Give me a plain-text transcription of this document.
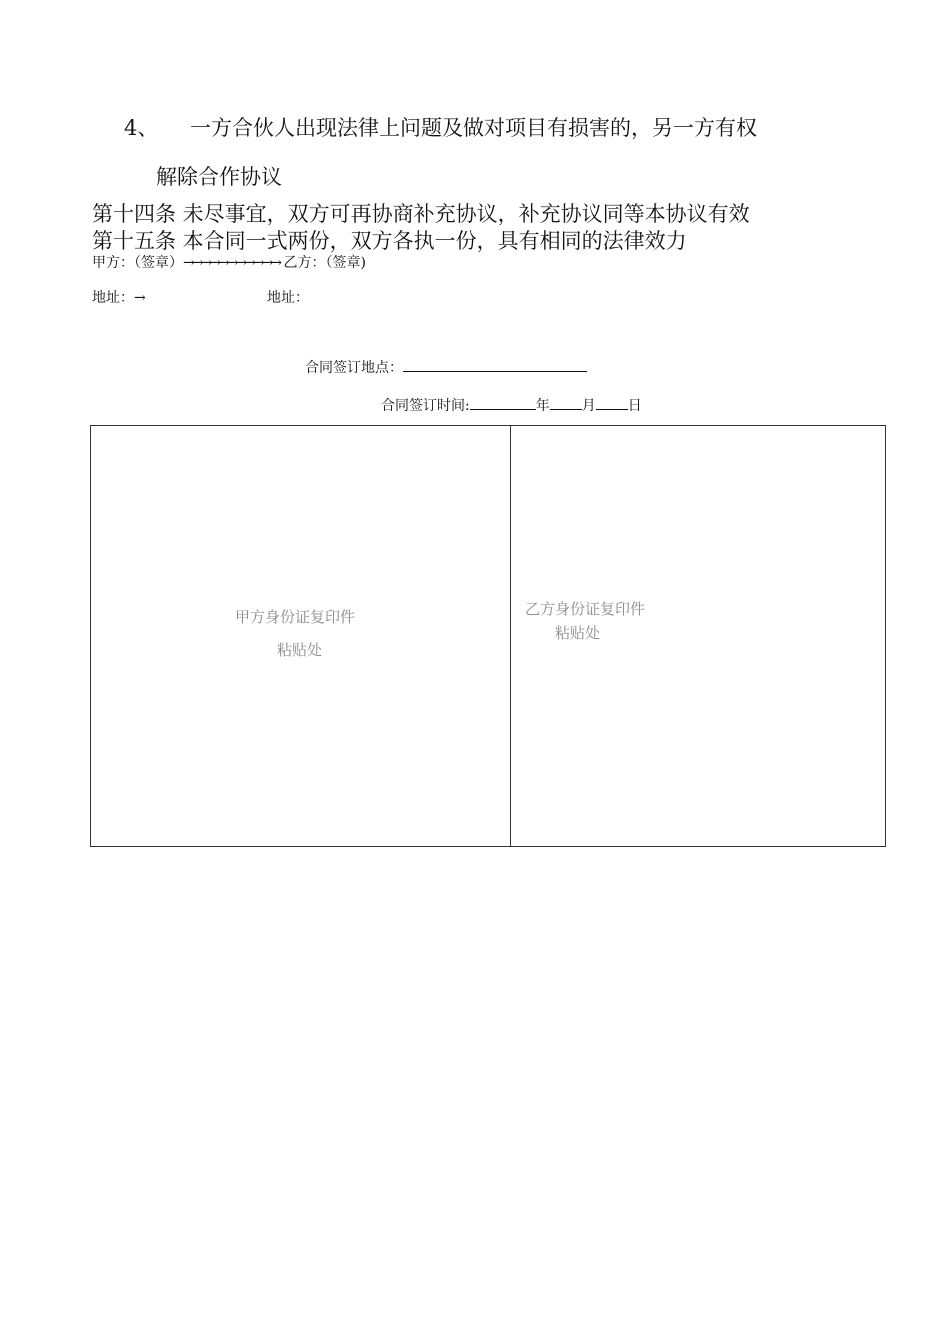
4、 一方合伙人出现法律上问题及做对项目有损害的，另一方有权
解除合作协议
第十四条 未尽事宜，双方可再协商补充协议，补充协议同等本协议有效
第十五条 本合同一式两份，双方各执一份，具有相同的法律效力
甲方：（签章）→→→→→→→→→→→ 乙方：（签章)
地址：→	地址：
合同签订地点：
合同签订时间:	年 月 日
甲方身份证复印件
粘贴处
乙方身份证复印件
粘贴处
